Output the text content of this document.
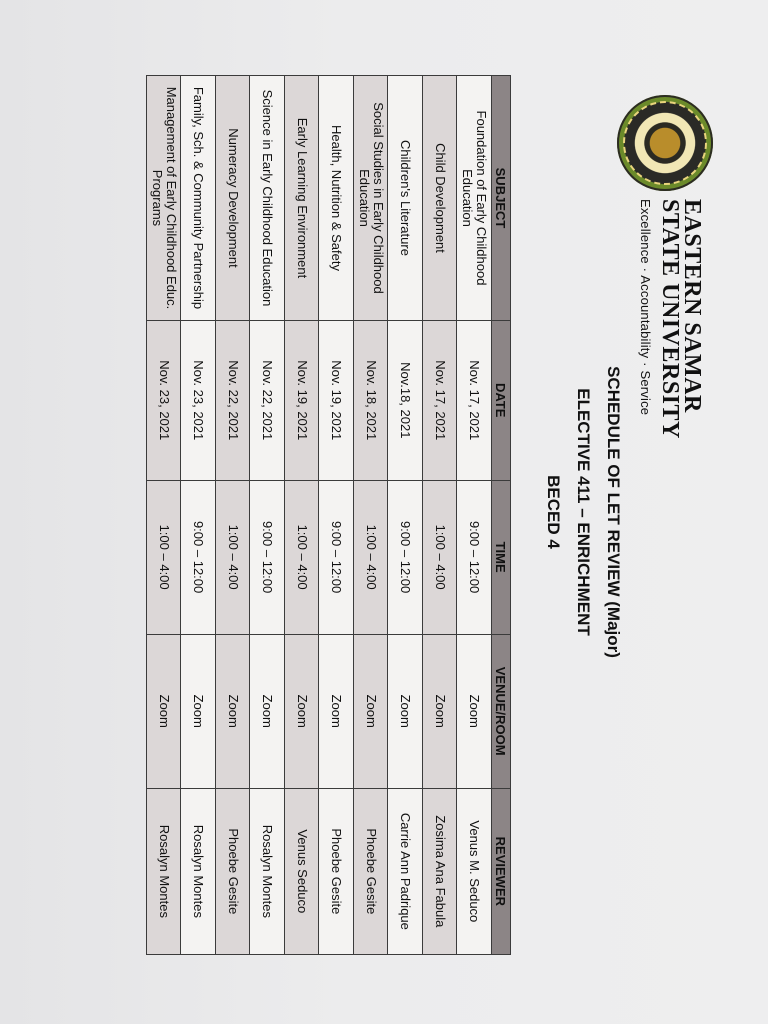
EASTERN SAMAR
STATE UNIVERSITY
Excellence · Accountability · Service
SCHEDULE OF LET REVIEW (Major)
ELECTIVE 411 – ENRICHMENT
BECED 4
SUBJECT	DATE	TIME	VENUE/ROOM	REVIEWER
Foundation of Early Childhood Education	Nov. 17, 2021	9:00 – 12:00	Zoom	Venus M. Seduco
Child Development	Nov. 17, 2021	1:00 – 4:00	Zoom	Zosima Ana Fabula
Children's Literature	Nov.18, 2021	9:00 – 12:00	Zoom	Carrie Ann Padrique
Social Studies in Early Childhood Education	Nov. 18, 2021	1:00 – 4:00	Zoom	Phoebe Gesite
Health, Nutrition & Safety	Nov. 19, 2021	9:00 – 12:00	Zoom	Phoebe Gesite
Early Learning Environment	Nov. 19, 2021	1:00 – 4:00	Zoom	Venus Seduco
Science in Early Childhood Education	Nov. 22, 2021	9:00 – 12:00	Zoom	Rosalyn Montes
Numeracy Development	Nov. 22, 2021	1:00 – 4:00	Zoom	Phoebe Gesite
Family, Sch. & Community Partnership	Nov. 23, 2021	9:00 – 12:00	Zoom	Rosalyn Montes
Management of Early Childhood Educ. Programs	Nov. 23, 2021	1:00 – 4:00	Zoom	Rosalyn Montes
